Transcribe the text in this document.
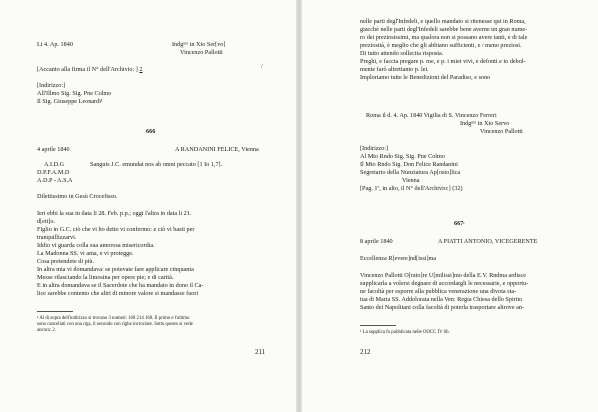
Li 4. Ap. 1840	Indgᵐᵒ in Xto Ser[vo]
Vincenzo Pallotti
[Accanto alla firma il N° dell'Archivio: ] 2	/
[Indirizzo:]
All'Illmo Sig. Sig. Pne Colmo
Il Sig. Giuseppe Leonardi¹
666
4 aprile 1840	A RANDANINI FELICE, Vienna
A.I.D.G	Sanguis J.C. emundat nos ab omni peccato [1 Io 1,7].
D.P.F.A.M.D
A.D.P - A.S.A
Dilettissimo in Gesù Crocefisso.
Ieri ebbi la sua in data li 28. Feb. p.p.; oggi l'altra in data li 21.
d[ett]o.
Figlio in G.C. ciò che vi ho detto vi confermo: e ciò vi basti per
tranquillizzarvi.
Iddio vi guarda colla sua amorosa misericordia.
La Madonna SS. vi ama, e vi protegge.
Cosa pretendete di più.
In altra mia vi domandava: se potevate fare applicare cinquanta
Messe rilasciando la limosina per opere pie; e di carità.
E in altra domandava se il Sacerdote che ha mandato in dono il Ca-
lice sarebbe contento che altri di minore valore si mandasse fuori
¹ Al di sopra dell'indirizzo si trovano 3 numeri: 168 214 168. Il primo e l'ultimo
sono cancellati con una riga, il secondo con righe incrociate. Sotto questo si vede
ancora: 2.
211
nelle parti degl'Infedeli, e quello mandato si ritenesse qui in Roma,
giacchè nelle parti degl'Infedeli sarebbe bene averne un gran nume-
ro dei preziosissimi, ma qualora non si possano avere tanti, e di tale
preziosità, è meglio che gli abbiano sufficienti, e / meno preziosi.
Di tutto attendo sollecita risposta.
Preghi, e faccia pregare p. me, e p. i miei vivi, e defonti e io debol-
mente farò altrettanto p. lei.
Imploriamo tutte le Benedizioni del Paradiso, e sono
Roma il d. 4. Ap. 1840 Vigilia di S. Vincenzo Ferreri
Indgᵐᵒ in Xto Servo
Vincenzo Pallotti
[Indirizzo:]
Al Mto Rndo Sig. Sig. Pne Colmo
Il Mto Rndo Sig. Don Felice Randanini
Segretario della Nunziatura Ap[osto]lica
Vienna
[Pag. 1ª, in alto, il N° dell'Archivio:] (32)
$667^{^1}$
8 aprile 1840	A PIATTI ANTONIO, VICEGERENTE
Eccellenza R[evere]nd[issi]ma
Vincenzo Pallotti O[rato]re U[milissi]mo della E.V. Rndma ardisce
supplicarla a volersi degnare di accordargli le necessarie, e opportu-
ne facoltà per esporre alla pubblica venerazione una divota sta-
tua di Maria SS. Addolorata nella Ven: Regia Chiesa dello Spirito
Santo dei Napolitani colla facoltà di poterla trasportare altrove an-
¹ La supplica fu pubblicata nelle OOCC IV 6b.
212
